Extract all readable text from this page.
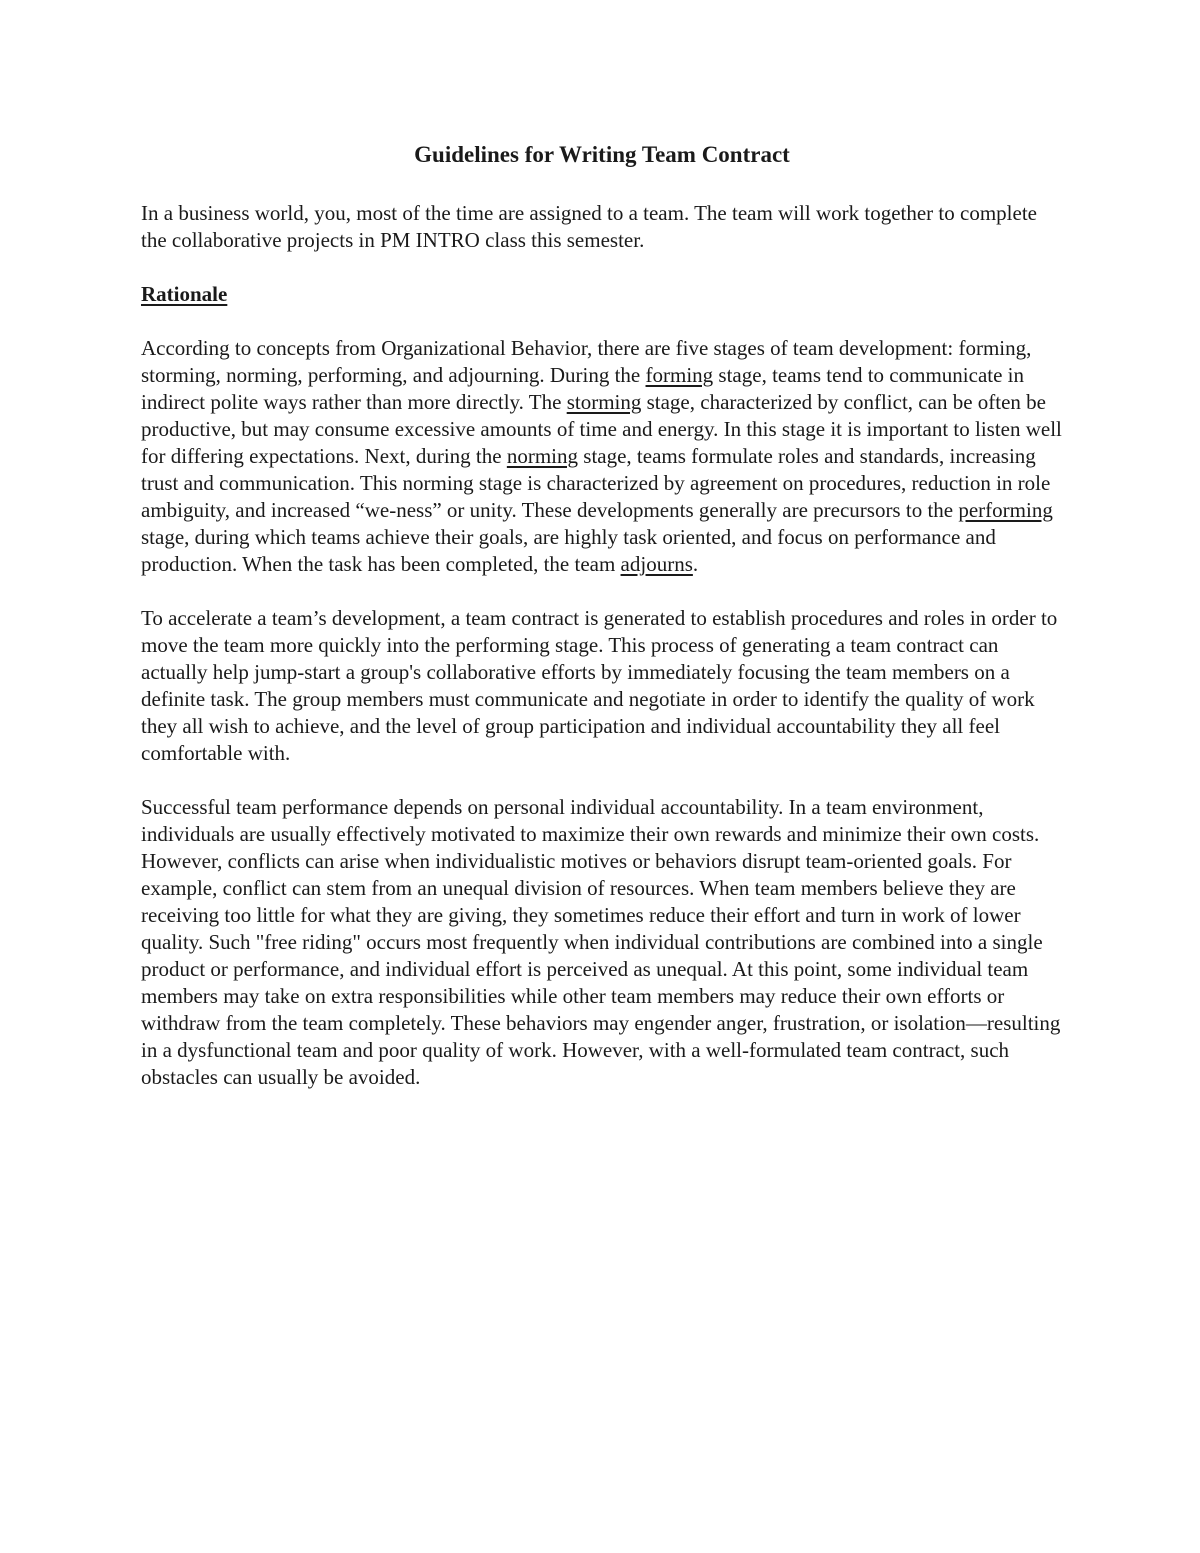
Guidelines for Writing Team Contract

In a business world, you, most of the time are assigned to a team. The team will work together to complete the collaborative projects in PM INTRO class this semester.

Rationale

According to concepts from Organizational Behavior, there are five stages of team development: forming, storming, norming, performing, and adjourning. During the forming stage, teams tend to communicate in indirect polite ways rather than more directly. The storming stage, characterized by conflict, can be often be productive, but may consume excessive amounts of time and energy. In this stage it is important to listen well for differing expectations. Next, during the norming stage, teams formulate roles and standards, increasing trust and communication. This norming stage is characterized by agreement on procedures, reduction in role ambiguity, and increased “we-ness” or unity. These developments generally are precursors to the performing stage, during which teams achieve their goals, are highly task oriented, and focus on performance and production. When the task has been completed, the team adjourns.

To accelerate a team’s development, a team contract is generated to establish procedures and roles in order to move the team more quickly into the performing stage. This process of generating a team contract can actually help jump-start a group's collaborative efforts by immediately focusing the team members on a definite task. The group members must communicate and negotiate in order to identify the quality of work they all wish to achieve, and the level of group participation and individual accountability they all feel comfortable with.

Successful team performance depends on personal individual accountability. In a team environment, individuals are usually effectively motivated to maximize their own rewards and minimize their own costs. However, conflicts can arise when individualistic motives or behaviors disrupt team-oriented goals. For example, conflict can stem from an unequal division of resources. When team members believe they are receiving too little for what they are giving, they sometimes reduce their effort and turn in work of lower quality. Such "free riding" occurs most frequently when individual contributions are combined into a single product or performance, and individual effort is perceived as unequal. At this point, some individual team members may take on extra responsibilities while other team members may reduce their own efforts or withdraw from the team completely. These behaviors may engender anger, frustration, or isolation—resulting in a dysfunctional team and poor quality of work. However, with a well-formulated team contract, such obstacles can usually be avoided.
